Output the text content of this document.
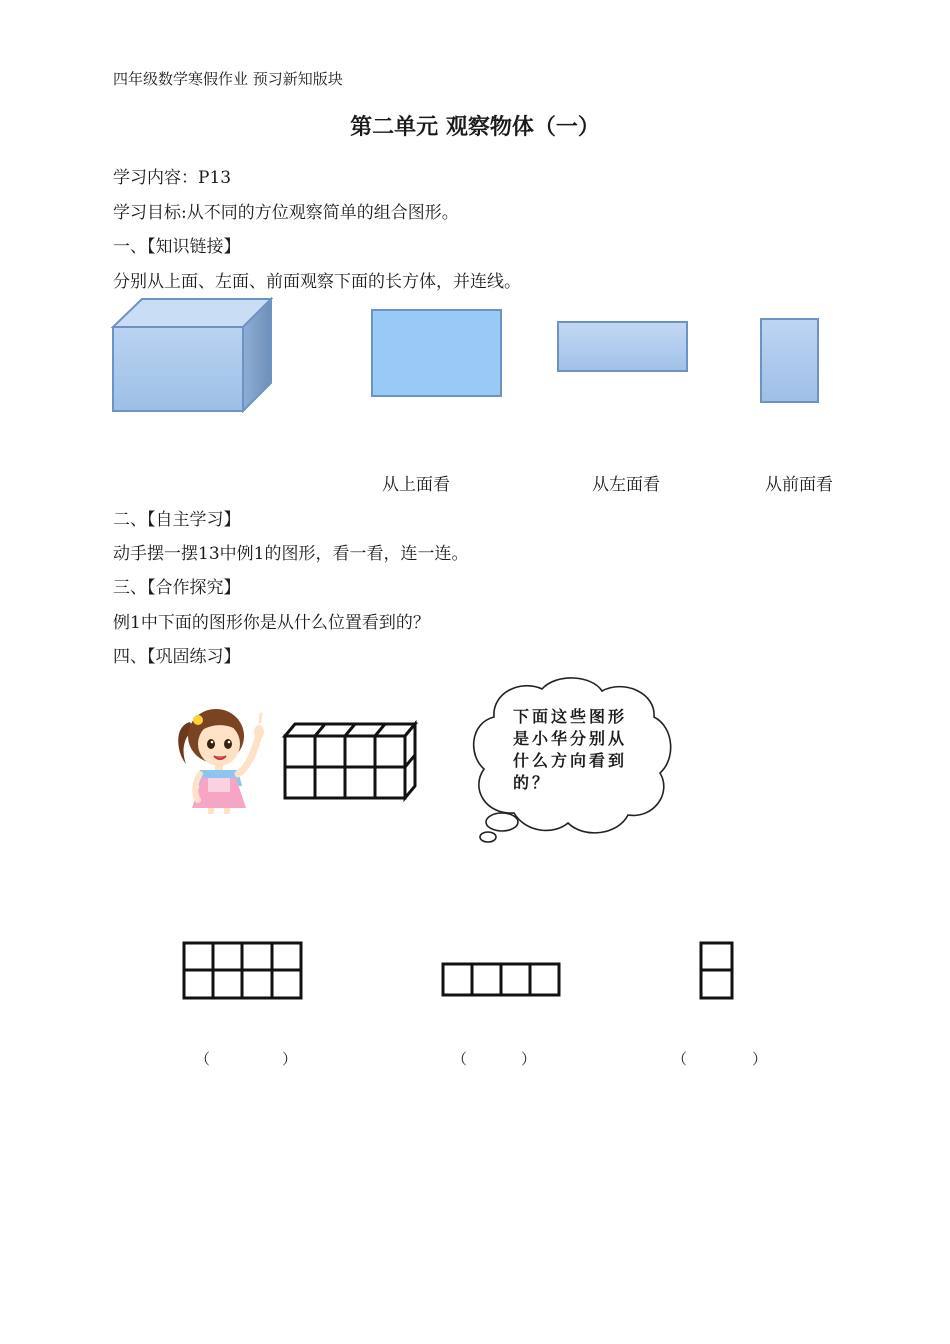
四年级数学寒假作业 预习新知版块
第二单元 观察物体（一）
学习内容：P13
学习目标:从不同的方位观察简单的组合图形。
一、【知识链接】
分别从上面、左面、前面观察下面的长方体，并连线。
从上面看	从左面看	从前面看
二、【自主学习】
动手摆一摆13中例1的图形，看一看，连一连。
三、【合作探究】
例1中下面的图形你是从什么位置看到的？
四、【巩固练习】
下面这些图形是小华分别从什么方向看到的？
（	）	（	）	（	）
